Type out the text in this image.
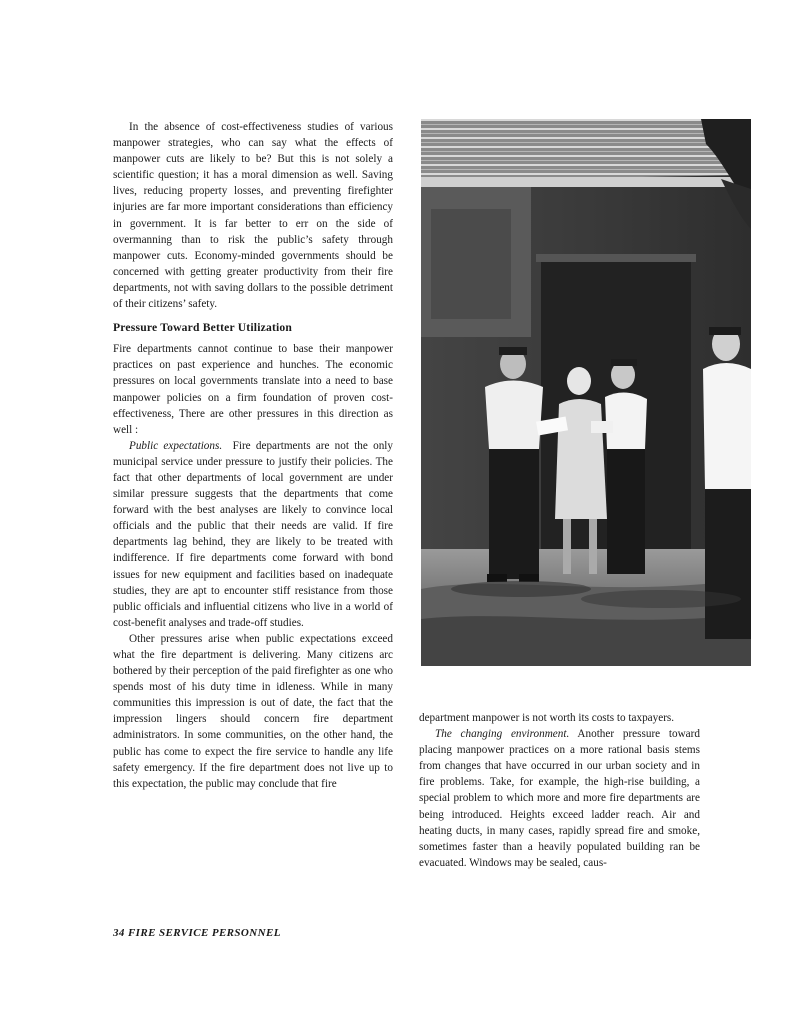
In the absence of cost-effectiveness studies of various manpower strategies, who can say what the effects of manpower cuts are likely to be? But this is not solely a scientific question; it has a moral dimension as well. Saving lives, reducing property losses, and preventing firefighter injuries are far more important considerations than efficiency in government. It is far better to err on the side of overmanning than to risk the public’s safety through manpower cuts. Economy-minded governments should be concerned with getting greater productivity from their fire departments, not with saving dollars to the possible detriment of their citizens’ safety.

Pressure Toward Better Utilization

Fire departments cannot continue to base their manpower practices on past experience and hunches. The economic pressures on local governments translate into a need to base manpower policies on a firm foundation of proven cost-effectiveness, There are other pressures in this direction as well :

Public expectations. Fire departments are not the only municipal service under pressure to justify their policies. The fact that other departments of local government are under similar pressure suggests that the departments that come forward with the best analyses are likely to convince local officials and the public that their needs are valid. If fire departments lag behind, they are likely to be treated with indifference. If fire departments come forward with bond issues for new equipment and facilities based on inadequate studies, they are apt to encounter stiff resistance from those public officials and influential citizens who live in a world of cost-benefit analyses and trade-off studies.

Other pressures arise when public expectations exceed what the fire department is delivering. Many citizens arc bothered by their perception of the paid firefighter as one who spends most of his duty time in idleness. While in many communities this impression is out of date, the fact that the impression lingers should concern fire department administrators. In some communities, on the other hand, the public has come to expect the fire service to handle any life safety emergency. If the fire department does not live up to this expectation, the public may conclude that fire

department manpower is not worth its costs to taxpayers.

The changing environment. Another pressure toward placing manpower practices on a more rational basis stems from changes that have occurred in our urban society and in fire problems. Take, for example, the high-rise building, a special problem to which more and more fire departments are being introduced. Heights exceed ladder reach. Air and heating ducts, in many cases, rapidly spread fire and smoke, sometimes faster than a heavily populated building ran be evacuated. Windows may be sealed, caus-

34 FIRE SERVICE PERSONNEL
